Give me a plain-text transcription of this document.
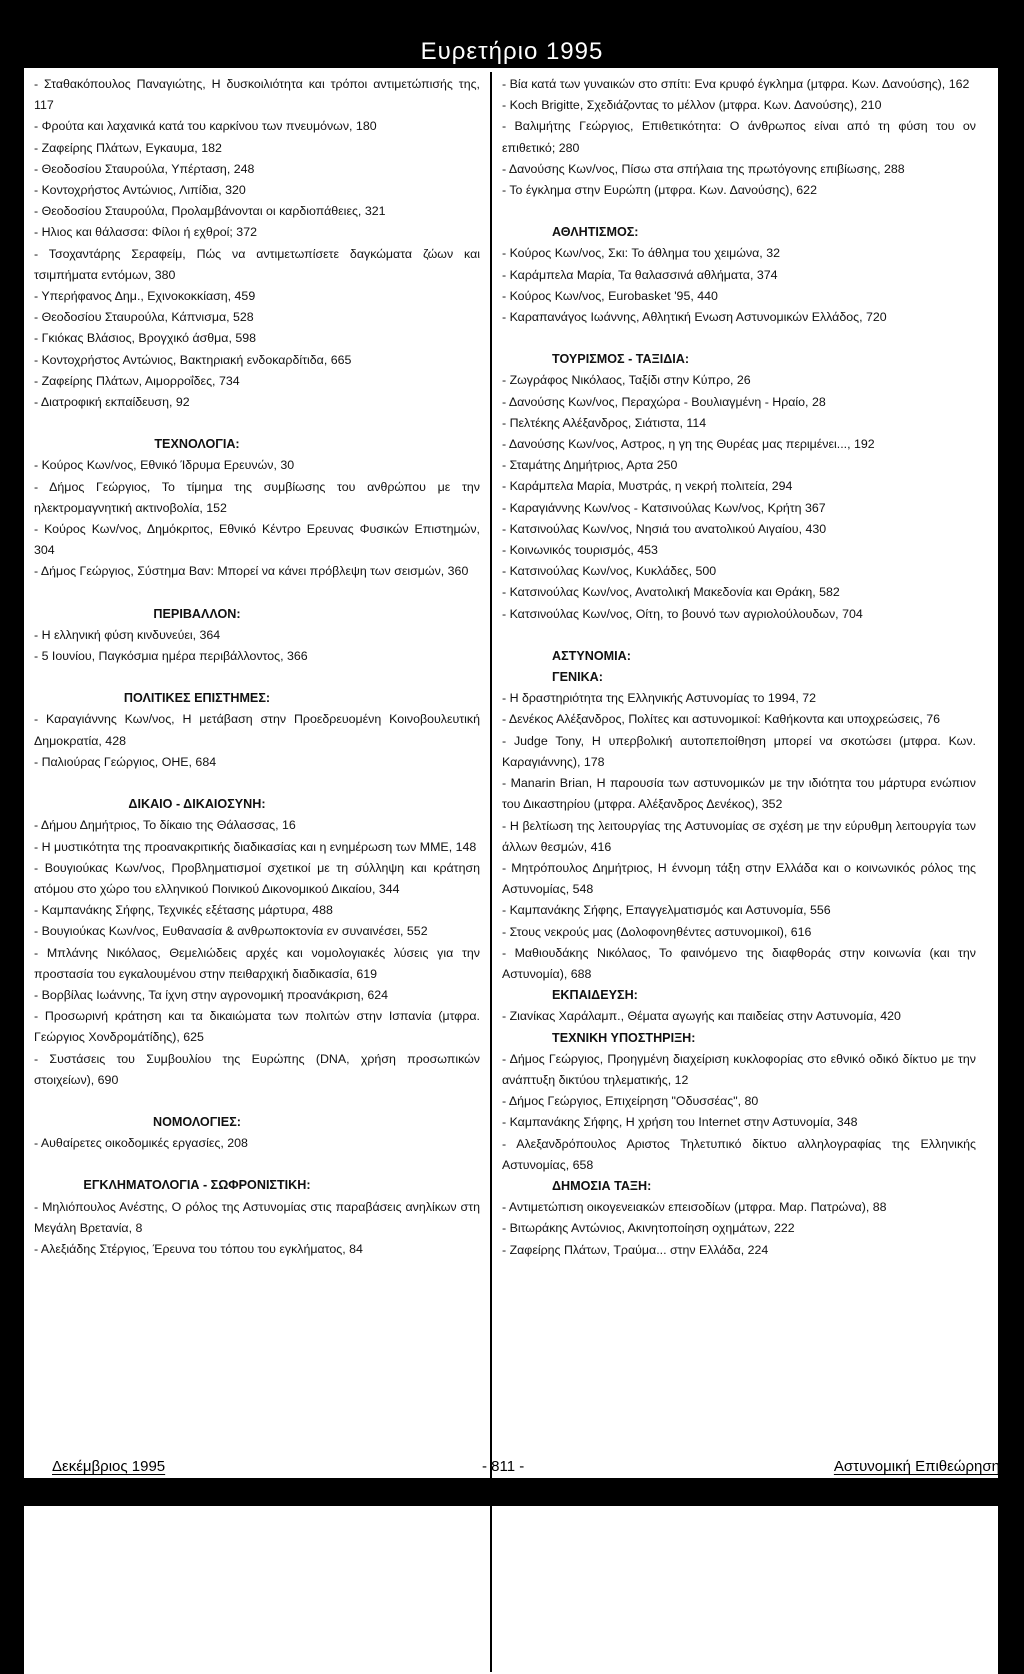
Ευρετήριο 1995
- Σταθακόπουλος Παναγιώτης, Η δυσκοιλιότητα και τρόποι αντιμετώπισής της, 117
- Φρούτα και λαχανικά κατά του καρκίνου των πνευμόνων, 180
- Ζαφείρης Πλάτων, Εγκαυμα, 182
- Θεοδοσίου Σταυρούλα, Υπέρταση, 248
- Κοντοχρήστος Αντώνιος, Λιπίδια, 320
- Θεοδοσίου Σταυρούλα, Προλαμβάνονται οι καρδιοπάθειες, 321
- Ηλιος και θάλασσα: Φίλοι ή εχθροί; 372
- Τσοχαντάρης Σεραφείμ, Πώς να αντιμετωπίσετε δαγκώματα ζώων και τσιμπήματα εντόμων, 380
- Υπερήφανος Δημ., Εχινοκοκκίαση, 459
- Θεοδοσίου Σταυρούλα, Κάπνισμα, 528
- Γκιόκας Βλάσιος, Βρογχικό άσθμα, 598
- Κοντοχρήστος Αντώνιος, Βακτηριακή ενδοκαρδίτιδα, 665
- Ζαφείρης Πλάτων, Αιμορροΐδες, 734
- Διατροφική εκπαίδευση, 92
ΤΕΧΝΟΛΟΓΙΑ:
- Κούρος Κων/νος, Εθνικό Ίδρυμα Ερευνών, 30
- Δήμος Γεώργιος, Το τίμημα της συμβίωσης του ανθρώπου με την ηλεκτρομαγνητική ακτινοβολία, 152
- Κούρος Κων/νος, Δημόκριτος, Εθνικό Κέντρο Ερευνας Φυσικών Επιστημών, 304
- Δήμος Γεώργιος, Σύστημα Βαν: Μπορεί να κάνει πρόβλεψη των σεισμών, 360
ΠΕΡΙΒΑΛΛΟΝ:
- Η ελληνική φύση κινδυνεύει, 364
- 5 Ιουνίου, Παγκόσμια ημέρα περιβάλλοντος, 366
ΠΟΛΙΤΙΚΕΣ ΕΠΙΣΤΗΜΕΣ:
- Καραγιάννης Κων/νος, Η μετάβαση στην Προεδρευομένη Κοινοβουλευτική Δημοκρατία, 428
- Παλιούρας Γεώργιος, ΟΗΕ, 684
ΔΙΚΑΙΟ - ΔΙΚΑΙΟΣΥΝΗ:
- Δήμου Δημήτριος, Το δίκαιο της Θάλασσας, 16
- Η μυστικότητα της προανακριτικής διαδικασίας και η ενημέρωση των ΜΜΕ, 148
- Βουγιούκας Κων/νος, Προβληματισμοί σχετικοί με τη σύλληψη και κράτηση ατόμου στο χώρο του ελληνικού Ποινικού Δικονομικού Δικαίου, 344
- Καμπανάκης Σήφης, Τεχνικές εξέτασης μάρτυρα, 488
- Βουγιούκας Κων/νος, Ευθανασία & ανθρωποκτονία εν συναινέσει, 552
- Μπλάνης Νικόλαος, Θεμελιώδεις αρχές και νομολογιακές λύσεις για την προστασία του εγκαλουμένου στην πειθαρχική διαδικασία, 619
- Βορβίλας Ιωάννης, Τα ίχνη στην αγρονομική προανάκριση, 624
- Προσωρινή κράτηση και τα δικαιώματα των πολιτών στην Ισπανία (μτφρα. Γεώργιος Χονδρομάτίδης), 625
- Συστάσεις του Συμβουλίου της Ευρώπης (DNA, χρήση προσωπικών στοιχείων), 690
ΝΟΜΟΛΟΓΙΕΣ:
- Αυθαίρετες οικοδομικές εργασίες, 208
ΕΓΚΛΗΜΑΤΟΛΟΓΙΑ - ΣΩΦΡΟΝΙΣΤΙΚΗ:
- Μηλιόπουλος Ανέστης, Ο ρόλος της Αστυνομίας στις παραβάσεις ανηλίκων στη Μεγάλη Βρετανία, 8
- Αλεξιάδης Στέργιος, Έρευνα του τόπου του εγκλήματος, 84
- Βία κατά των γυναικών στο σπίτι: Ενα κρυφό έγκλημα (μτφρα. Κων. Δανούσης), 162
- Koch Brigitte, Σχεδιάζοντας το μέλλον (μτφρα. Κων. Δανούσης), 210
- Βαλιμήτης Γεώργιος, Επιθετικότητα: Ο άνθρωπος είναι από τη φύση του ον επιθετικό; 280
- Δανούσης Κων/νος, Πίσω στα σπήλαια της πρωτόγονης επιβίωσης, 288
- Το έγκλημα στην Ευρώπη (μτφρα. Κων. Δανούσης), 622
ΑΘΛΗΤΙΣΜΟΣ:
- Κούρος Κων/νος, Σκι: Το άθλημα του χειμώνα, 32
- Καράμπελα Μαρία, Τα θαλασσινά αθλήματα, 374
- Κούρος Κων/νος, Eurobasket '95, 440
- Καραπανάγος Ιωάννης, Αθλητική Ενωση Αστυνομικών Ελλάδος, 720
ΤΟΥΡΙΣΜΟΣ - ΤΑΞΙΔΙΑ:
- Ζωγράφος Νικόλαος, Ταξίδι στην Κύπρο, 26
- Δανούσης Κων/νος, Περαχώρα - Βουλιαγμένη - Ηραίο, 28
- Πελτέκης Αλέξανδρος, Σιάτιστα, 114
- Δανούσης Κων/νος, Αστρος, η γη της Θυρέας μας περιμένει..., 192
- Σταμάτης Δημήτριος, Αρτα 250
- Καράμπελα Μαρία, Μυστράς, η νεκρή πολιτεία, 294
- Καραγιάννης Κων/νος - Κατσινούλας Κων/νος, Κρήτη 367
- Κατσινούλας Κων/νος, Νησιά του ανατολικού Αιγαίου, 430
- Κοινωνικός τουρισμός, 453
- Κατσινούλας Κων/νος, Κυκλάδες, 500
- Κατσινούλας Κων/νος, Ανατολική Μακεδονία και Θράκη, 582
- Κατσινούλας Κων/νος, Οίτη, το βουνό των αγριολούλουδων, 704
ΑΣΤΥΝΟΜΙΑ:
ΓΕΝΙΚΑ:
- Η δραστηριότητα της Ελληνικής Αστυνομίας το 1994, 72
- Δενέκος Αλέξανδρος, Πολίτες και αστυνομικοί: Καθήκοντα και υποχρεώσεις, 76
- Judge Tony, Η υπερβολική αυτοπεποίθηση μπορεί να σκοτώσει (μτφρα. Κων. Καραγιάννης), 178
- Manarin Brian, Η παρουσία των αστυνομικών με την ιδιότητα του μάρτυρα ενώπιον του Δικαστηρίου (μτφρα. Αλέξανδρος Δενέκος), 352
- Η βελτίωση της λειτουργίας της Αστυνομίας σε σχέση με την εύρυθμη λειτουργία των άλλων θεσμών, 416
- Μητρόπουλος Δημήτριος, Η έννομη τάξη στην Ελλάδα και ο κοινωνικός ρόλος της Αστυνομίας, 548
- Καμπανάκης Σήφης, Επαγγελματισμός και Αστυνομία, 556
- Στους νεκρούς μας (Δολοφονηθέντες αστυνομικοί), 616
- Μαθιουδάκης Νικόλαος, Το φαινόμενο της διαφθοράς στην κοινωνία (και την Αστυνομία), 688
ΕΚΠΑΙΔΕΥΣΗ:
- Ζιανίκας Χαράλαμπ., Θέματα αγωγής και παιδείας στην Αστυνομία, 420
ΤΕΧΝΙΚΗ ΥΠΟΣΤΗΡΙΞΗ:
- Δήμος Γεώργιος, Προηγμένη διαχείριση κυκλοφορίας στο εθνικό οδικό δίκτυο με την ανάπτυξη δικτύου τηλεματικής, 12
- Δήμος Γεώργιος, Επιχείρηση "Οδυσσέας", 80
- Καμπανάκης Σήφης, Η χρήση του Internet στην Αστυνομία, 348
- Αλεξανδρόπουλος Αριστος Τηλετυπικό δίκτυο αλληλογραφίας της Ελληνικής Αστυνομίας, 658
ΔΗΜΟΣΙΑ ΤΑΞΗ:
- Αντιμετώπιση οικογενειακών επεισοδίων (μτφρα. Μαρ. Πατρώνα), 88
- Βιτωράκης Αντώνιος, Ακινητοποίηση οχημάτων, 222
- Ζαφείρης Πλάτων, Τραύμα... στην Ελλάδα, 224
Δεκέμβριος 1995	- 811 -	Αστυνομική Επιθεώρηση
